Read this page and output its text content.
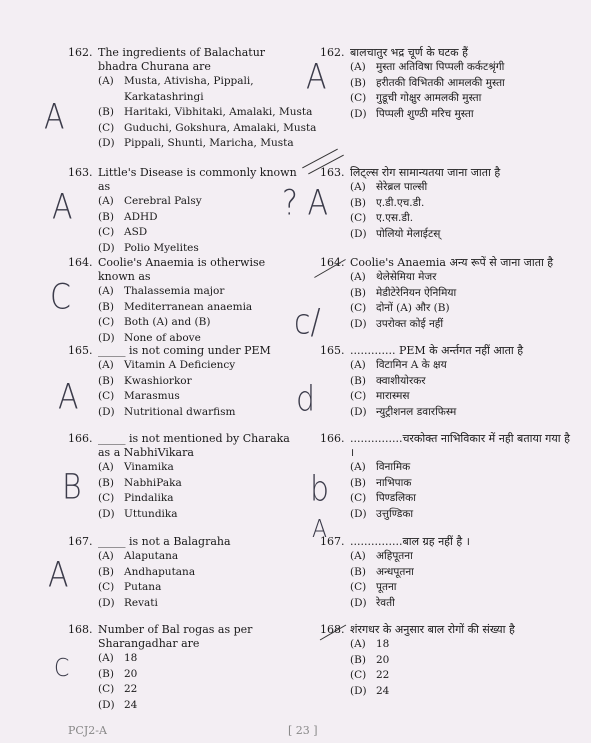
162. The ingredients of Balachatur bhadra Churana are
(A) Musta, Ativisha, Pippali,
Karkatashringi
(B) Haritaki, Vibhitaki, Amalaki, Musta
(C) Guduchi, Gokshura, Amalaki, Musta
(D) Pippali, Shunti, Maricha, Musta
163. Little's Disease is commonly known as
(A) Cerebral Palsy
(B) ADHD
(C) ASD
(D) Polio Myelites
164. Coolie's Anaemia is otherwise known as
(A) Thalassemia major
(B) Mediterranean anaemia
(C) Both (A) and (B)
(D) None of above
165. _____ is not coming under PEM
(A) Vitamin A Deficiency
(B) Kwashiorkor
(C) Marasmus
(D) Nutritional dwarfism
166. _____ is not mentioned by Charaka as a NabhiVikara
(A) Vinamika
(B) NabhiPaka
(C) Pindalika
(D) Uttundika
167. _____ is not a Balagraha
(A) Alaputana
(B) Andhaputana
(C) Putana
(D) Revati
168. Number of Bal rogas as per Sharangadhar are
(A) 18
(B) 20
(C) 22
(D) 24
162. बालचातुर भद्र चूर्ण के घटक हैं
(A) मुस्ता अतिविषा पिप्पली कर्कटश्रृंगी
(B) हरीतकी विभितकी आमलकी मुस्ता
(C) गुडूची गोक्षुर आमलकी मुस्ता
(D) पिप्पली शुण्ठी मरिच मुस्ता
163. लिट्ल्स रोग सामान्यतया जाना जाता है
(A) सेरेब्रल पाल्सी
(B) ए.डी.एच.डी.
(C) ए.एस.डी.
(D) पोलियो मेलाईटस्
164. Coolie's Anaemia अन्य रूपें से जाना जाता है
(A) थेलेसेमिया मेजर
(B) मेडीटेरेनियन ऐनिमिया
(C) दोनों (A) और (B)
(D) उपरोक्त कोई नहीं
165. ............. PEM के अर्न्तगत नहीं आता है
(A) विटामिन A के क्षय
(B) क्वाशीयोरकर
(C) मारास्मस
(D) न्युट्रीशनल डवारफिस्म
166. ...............चरकोक्त नाभिविकार में नही बताया गया है ।
(A) विनामिक
(B) नाभिपाक
(C) पिण्डलिका
(D) उत्तुण्डिका
167. ...............बाल ग्रह नहीं है ।
(A) अहिपूतना
(B) अन्धपूतना
(C) पूतना
(D) रेवती
168. शंरगधर के अनुसार बाल रोगों की संख्या है
(A) 18
(B) 20
(C) 22
(D) 24
A
A
A	? A
C
c/
A	d
B	b
A
A
C
PCJ2-A	[ 23 ]
